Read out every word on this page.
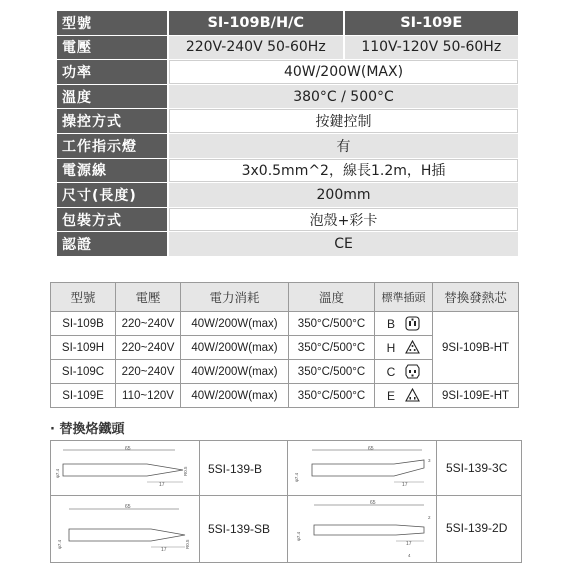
型號	SI-109B/H/C	SI-109E
電壓	220V-240V 50-60Hz	110V-120V 50-60Hz
功率	40W/200W(MAX)
溫度	380°C / 500°C
操控方式	按鍵控制
工作指示燈	有
電源線	3x0.5mm^2，線長1.2m，H插
尺寸(長度)	200mm
包裝方式	泡殼+彩卡
認證	CE
型號	電壓	電力消耗	溫度	標準插頭	替換發熱芯
SI-109B	220~240V	40W/200W(max)	350°C/500°C	B	9SI-109B-HT
SI-109H	220~240V	40W/200W(max)	350°C/500°C	H	

SI-109C	220~240V	40W/200W(max)	350°C/500°C	C	

SI-109E	110~120V	40W/200W(max)	350°C/500°C	E	9SI-109E-HT
· 替換烙鐵頭
65
17
φ7.4	R0.5 5SI-139-B
65
17
φ7.4
3
5SI-139-3C
65
17
φ7.4	R0.5
5SI-139-SB
65
17
φ7.4
2
4
5SI-139-2D
